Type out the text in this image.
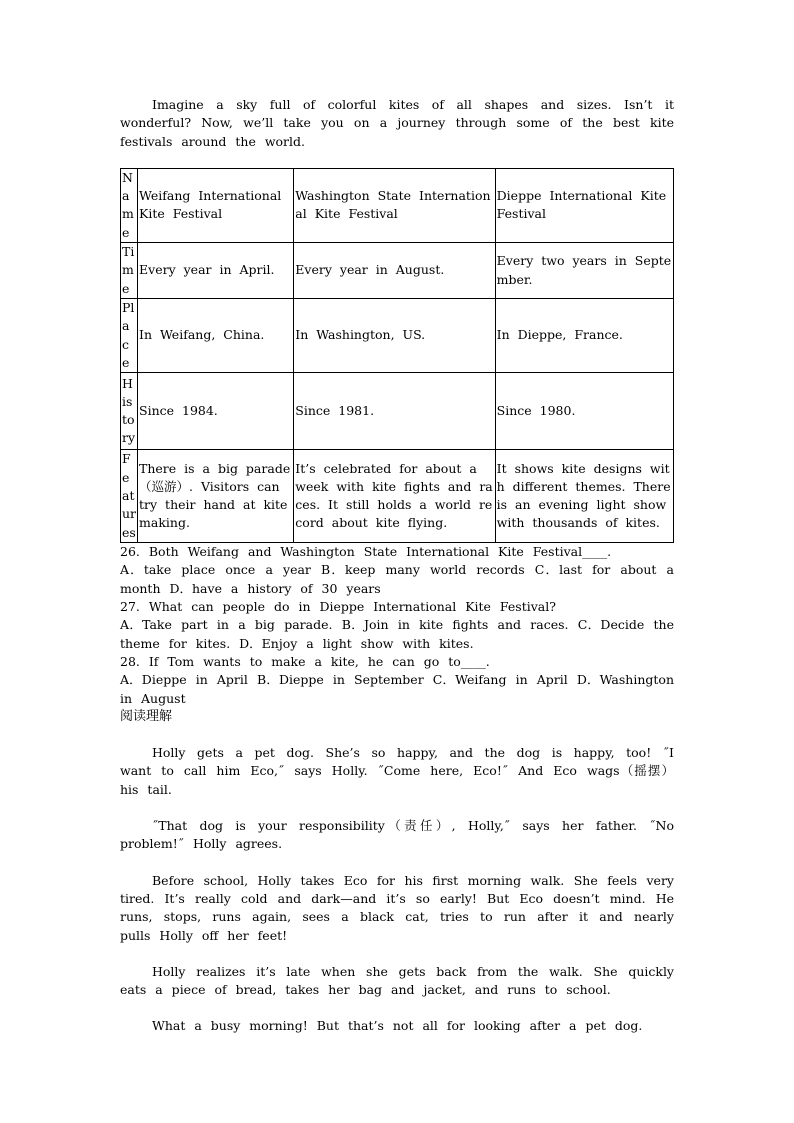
Imagine a sky full of colorful kites of all shapes and sizes. Isn’t it wonderful? Now, we’ll take you on a journey through some of the best kite festivals around the world.

Name	Weifang International Kite Festival	Washington State International Kite Festival	Dieppe International Kite Festival
Time	Every year in April.	Every year in August.	Every two years in September.
Place	In Weifang, China.	In Washington, US.	In Dieppe, France.
History	Since 1984.	Since 1981.	Since 1980.
Features	There is a big parade（巡游）. Visitors can try their hand at kite making.	It’s celebrated for about a week with kite fights and races. It still holds a world record about kite flying.	It shows kite designs with different themes. There is an evening light show with thousands of kites.

26. Both Weifang and Washington State International Kite Festival____.

A．take place once a year B．keep many world records C．last for about a month D．have a history of 30 years

27. What can people do in Dieppe International Kite Festival?

A．Take part in a big parade. B．Join in kite fights and races. C．Decide the theme for kites. D．Enjoy a light show with kites.

28. If Tom wants to make a kite, he can go to____.

A．Dieppe in April B．Dieppe in September C．Weifang in April D．Washington in August

阅读理解

Holly gets a pet dog. She’s so happy, and the dog is happy, too! ˝I want to call him Eco,˝ says Holly. ˝Come here, Eco!˝ And Eco wags（摇摆）his tail.

˝That dog is your responsibility（责任）, Holly,˝ says her father. ˝No problem!˝ Holly agrees.

Before school, Holly takes Eco for his first morning walk. She feels very tired. It’s really cold and dark—and it’s so early! But Eco doesn’t mind. He runs, stops, runs again, sees a black cat, tries to run after it and nearly pulls Holly off her feet!

Holly realizes it’s late when she gets back from the walk. She quickly eats a piece of bread, takes her bag and jacket, and runs to school.

What a busy morning! But that’s not all for looking after a pet dog.
